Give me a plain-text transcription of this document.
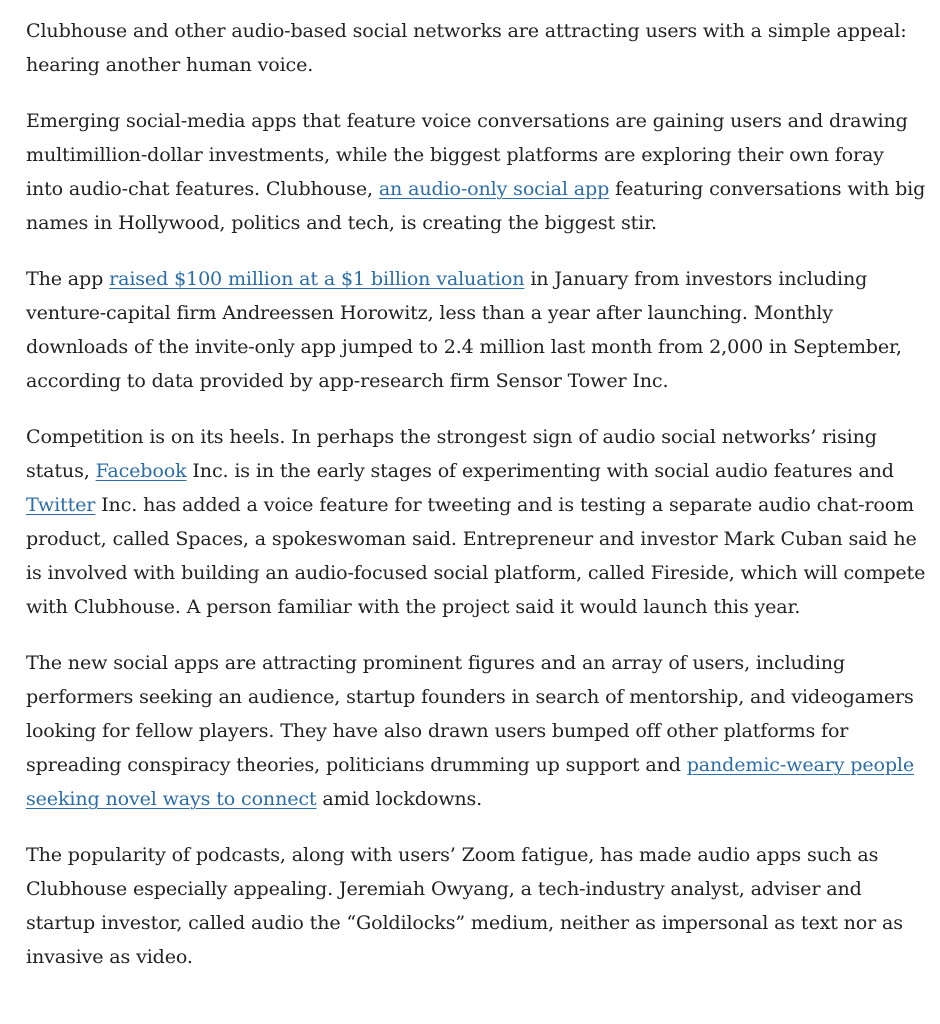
Clubhouse and other audio-based social networks are attracting users with a simple appeal: hearing another human voice.

Emerging social-media apps that feature voice conversations are gaining users and drawing multimillion-dollar investments, while the biggest platforms are exploring their own foray into audio-chat features. Clubhouse, an audio-only social app featuring conversations with big names in Hollywood, politics and tech, is creating the biggest stir.

The app raised $100 million at a $1 billion valuation in January from investors including venture-capital firm Andreessen Horowitz, less than a year after launching. Monthly downloads of the invite-only app jumped to 2.4 million last month from 2,000 in September, according to data provided by app-research firm Sensor Tower Inc.

Competition is on its heels. In perhaps the strongest sign of audio social networks’ rising status, Facebook Inc. is in the early stages of experimenting with social audio features and Twitter Inc. has added a voice feature for tweeting and is testing a separate audio chat-room product, called Spaces, a spokeswoman said. Entrepreneur and investor Mark Cuban said he is involved with building an audio-focused social platform, called Fireside, which will compete with Clubhouse. A person familiar with the project said it would launch this year.

The new social apps are attracting prominent figures and an array of users, including performers seeking an audience, startup founders in search of mentorship, and videogamers looking for fellow players. They have also drawn users bumped off other platforms for spreading conspiracy theories, politicians drumming up support and pandemic-weary people seeking novel ways to connect amid lockdowns.

The popularity of podcasts, along with users’ Zoom fatigue, has made audio apps such as Clubhouse especially appealing. Jeremiah Owyang, a tech-industry analyst, adviser and startup investor, called audio the “Goldilocks” medium, neither as impersonal as text nor as invasive as video.
